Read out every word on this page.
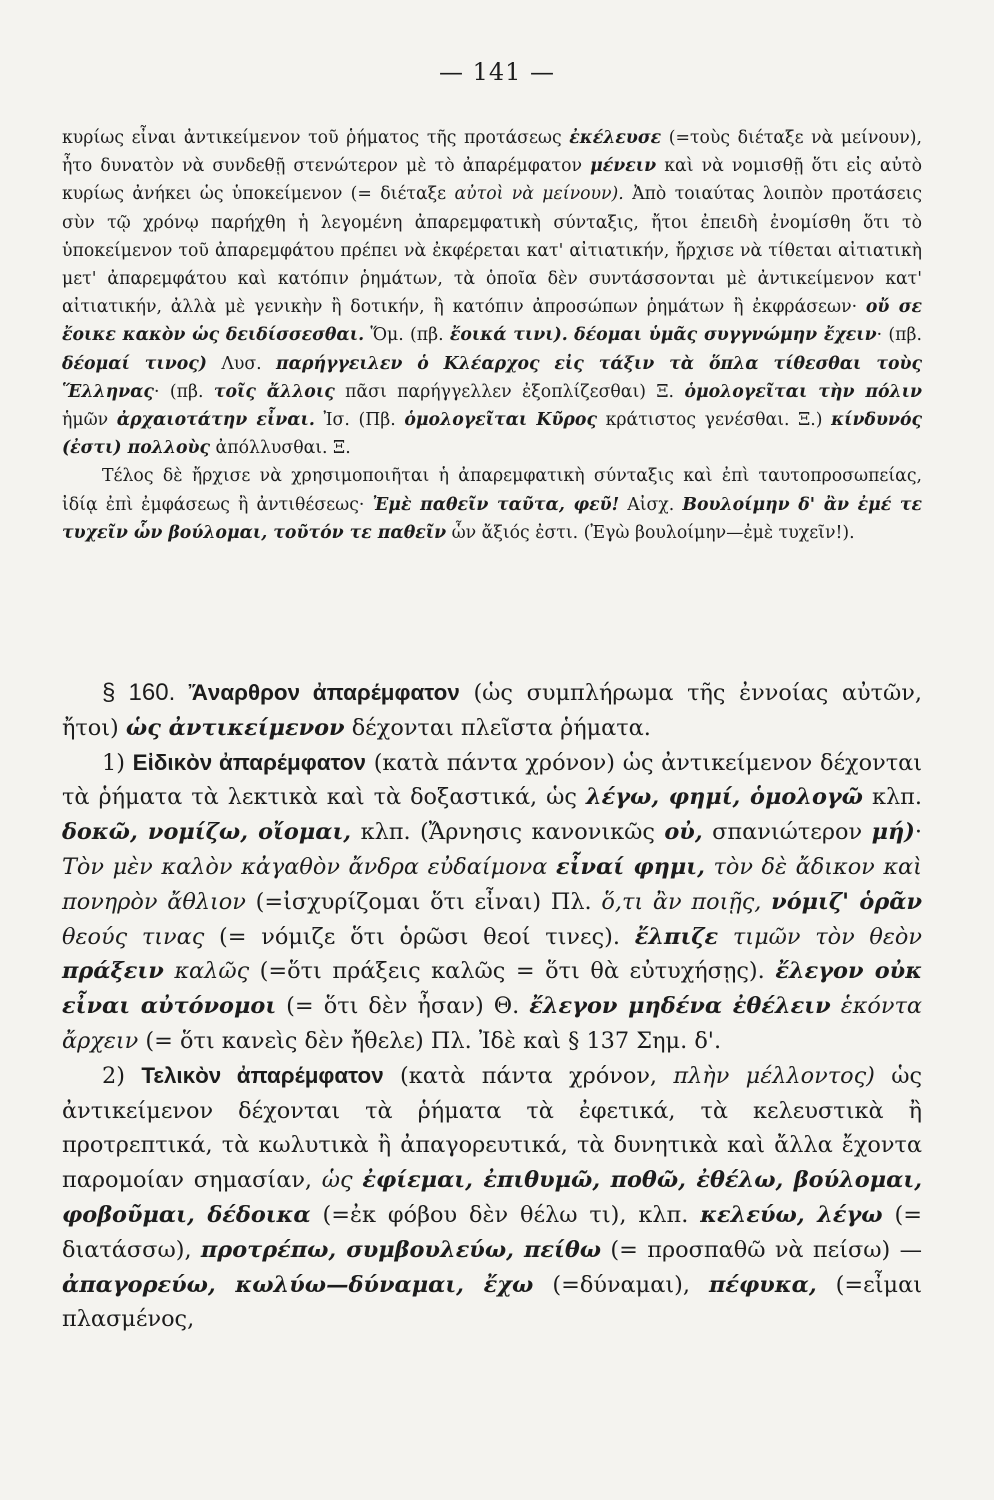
— 141 —

κυρίως εἶναι ἀντικείμενον τοῦ ῥήματος τῆς προτάσεως ἐκέλευσε (=τοὺς διέταξε νὰ μείνουν), ἦτο δυνατὸν νὰ συνδεθῇ στενώτερον μὲ τὸ ἀπαρέμφατον μένειν καὶ νὰ νομισθῇ ὅτι εἰς αὐτὸ κυρίως ἀνήκει ὡς ὑποκείμενον (= διέταξε αὐτοὶ νὰ μείνουν). Ἀπὸ τοιαύτας λοιπὸν προτάσεις σὺν τῷ χρόνῳ παρήχθη ἡ λεγομένη ἀπαρεμφατικὴ σύνταξις, ἤτοι ἐπειδὴ ἐνομίσθη ὅτι τὸ ὑποκείμενον τοῦ ἀπαρεμφάτου πρέπει νὰ ἐκφέρεται κατ' αἰτιατικήν, ἤρχισε νὰ τίθεται αἰτιατικὴ μετ' ἀπαρεμφάτου καὶ κατόπιν ῥημάτων, τὰ ὁποῖα δὲν συντάσσονται μὲ ἀντικείμενον κατ' αἰτιατικήν, ἀλλὰ μὲ γενικὴν ἢ δοτικήν, ἢ κατόπιν ἀπροσώπων ῥημάτων ἢ ἐκφράσεων· οὔ σε ἔοικε κακὸν ὡς δειδίσσεσθαι. Ὅμ. (πβ. ἔοικά τινι). δέομαι ὑμᾶς συγγνώμην ἔχειν· (πβ. δέομαί τινος) Λυσ. παρήγγειλεν ὁ Κλέαρχος εἰς τάξιν τὰ ὅπλα τίθεσθαι τοὺς Ἕλληνας· (πβ. τοῖς ἄλλοις πᾶσι παρήγγελλεν ἐξοπλίζεσθαι) Ξ. ὁμολογεῖται τὴν πόλιν ἡμῶν ἀρχαιοτάτην εἶναι. Ἰσ. (Πβ. ὁμολογεῖται Κῦρος κράτιστος γενέσθαι. Ξ.) κίνδυνός (ἐστι) πολλοὺς ἀπόλλυσθαι. Ξ.

Τέλος δὲ ἤρχισε νὰ χρησιμοποιῆται ἡ ἀπαρεμφατικὴ σύνταξις καὶ ἐπὶ ταυτοπροσωπείας, ἰδίᾳ ἐπὶ ἐμφάσεως ἢ ἀντιθέσεως· Ἐμὲ παθεῖν ταῦτα, φεῦ! Αἰσχ. Βουλοίμην δ' ἂν ἐμέ τε τυχεῖν ὧν βούλομαι, τοῦτόν τε παθεῖν ὧν ἄξιός ἐστι. (Ἐγὼ βουλοίμην—ἐμὲ τυχεῖν!).

§ 160. Ἄναρθρον ἀπαρέμφατον (ὡς συμπλήρωμα τῆς ἐννοίας αὐτῶν, ἤτοι) ὡς ἀντικείμενον δέχονται πλεῖστα ῥήματα.

1) Εἰδικὸν ἀπαρέμφατον (κατὰ πάντα χρόνον) ὡς ἀντικείμενον δέχονται τὰ ῥήματα τὰ λεκτικὰ καὶ τὰ δοξαστικά, ὡς λέγω, φημί, ὁμολογῶ κλπ. δοκῶ, νομίζω, οἴομαι, κλπ. (Ἄρνησις κανονικῶς οὐ, σπανιώτερον μή)· Τὸν μὲν καλὸν κἀγαθὸν ἄνδρα εὐδαίμονα εἶναί φημι, τὸν δὲ ἄδικον καὶ πονηρὸν ἄθλιον (=ἰσχυρίζομαι ὅτι εἶναι) Πλ. ὅ,τι ἂν ποιῇς, νόμιζ' ὁρᾶν θεούς τινας (= νόμιζε ὅτι ὁρῶσι θεοί τινες). ἔλπιζε τιμῶν τὸν θεὸν πράξειν καλῶς (=ὅτι πράξεις καλῶς = ὅτι θὰ εὐτυχήσῃς). ἔλεγον οὐκ εἶναι αὐτόνομοι (= ὅτι δὲν ἦσαν) Θ. ἔλεγον μηδένα ἐθέλειν ἑκόντα ἄρχειν (= ὅτι κανεὶς δὲν ἤθελε) Πλ. Ἰδὲ καὶ § 137 Σημ. δ'.

2) Τελικὸν ἀπαρέμφατον (κατὰ πάντα χρόνον, πλὴν μέλλοντος) ὡς ἀντικείμενον δέχονται τὰ ῥήματα τὰ ἐφετικά, τὰ κελευστικὰ ἢ προτρεπτικά, τὰ κωλυτικὰ ἢ ἀπαγορευτικά, τὰ δυνητικὰ καὶ ἄλλα ἔχοντα παρομοίαν σημασίαν, ὡς ἐφίεμαι, ἐπιθυμῶ, ποθῶ, ἐθέλω, βούλομαι, φοβοῦμαι, δέδοικα (=ἐκ φόβου δὲν θέλω τι), κλπ. κελεύω, λέγω (= διατάσσω), προτρέπω, συμβουλεύω, πείθω (= προσπαθῶ νὰ πείσω) — ἀπαγορεύω, κωλύω—δύναμαι, ἔχω (=δύναμαι), πέφυκα, (=εἶμαι πλασμένος,
